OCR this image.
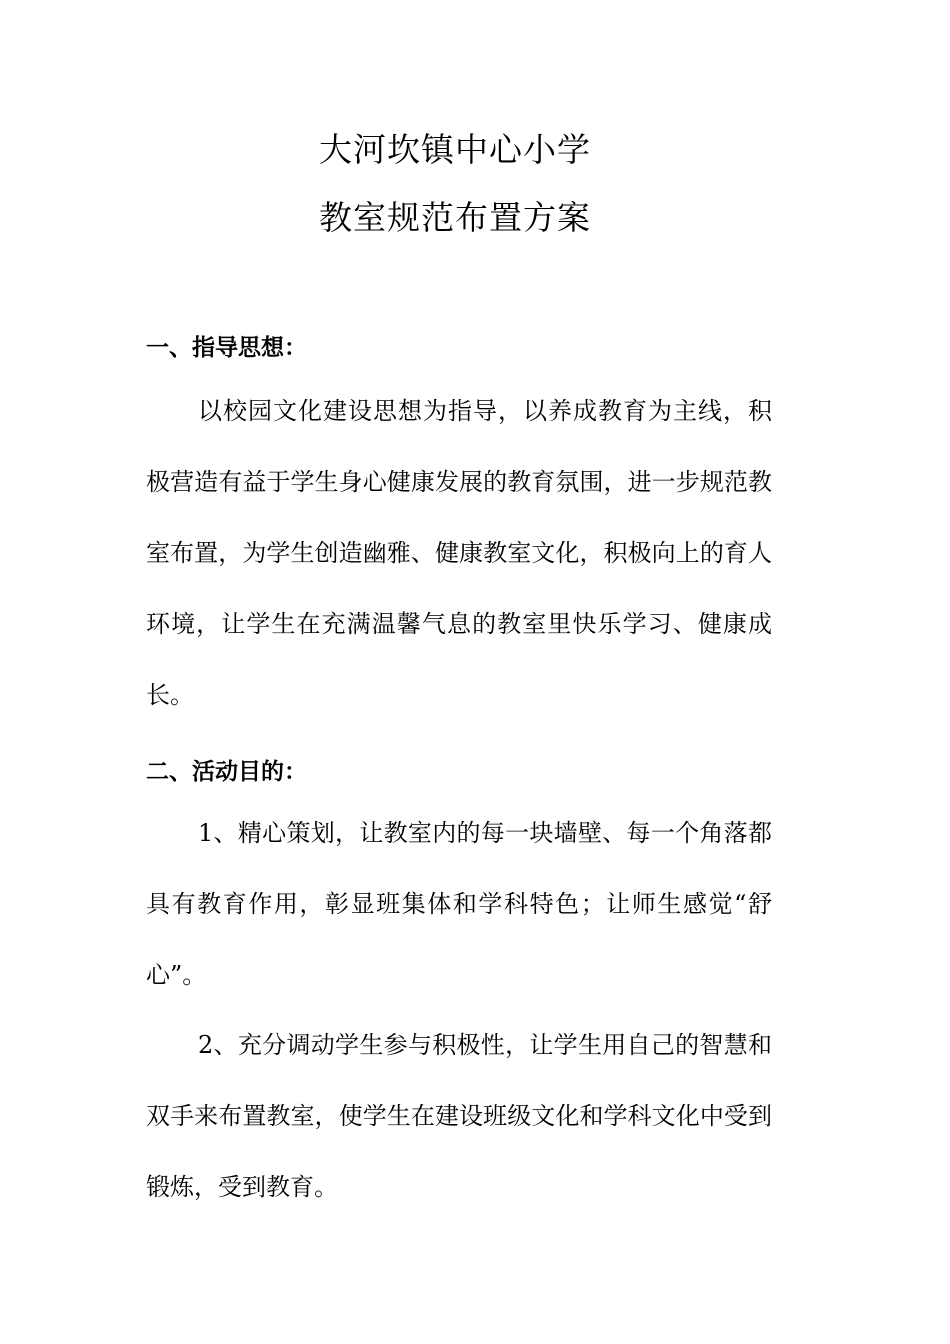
大河坎镇中心小学
教室规范布置方案
一、指导思想：

以校园文化建设思想为指导，以养成教育为主线，积极营造有益于学生身心健康发展的教育氛围，进一步规范教室布置，为学生创造幽雅、健康教室文化，积极向上的育人环境，让学生在充满温馨气息的教室里快乐学习、健康成长。

二、活动目的：

1、精心策划，让教室内的每一块墙壁、每一个角落都具有教育作用，彰显班集体和学科特色；让师生感觉“舒心”。

2、充分调动学生参与积极性，让学生用自己的智慧和双手来布置教室，使学生在建设班级文化和学科文化中受到锻炼，受到教育。
